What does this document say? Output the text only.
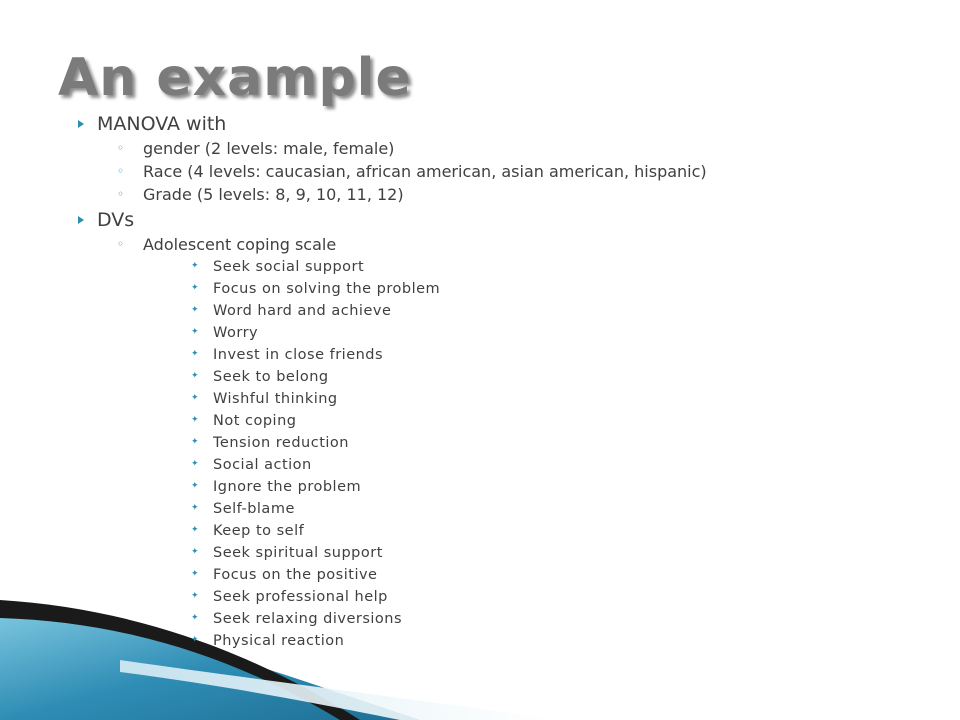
An example
MANOVA with
◦ gender (2 levels: male, female)
◦ Race (4 levels: caucasian, african american, asian american, hispanic)
◦ Grade (5 levels: 8, 9, 10, 11, 12)
DVs
◦ Adolescent coping scale
✦ Seek social support
✦ Focus on solving the problem
✦ Word hard and achieve
✦ Worry
✦ Invest in close friends
✦ Seek to belong
✦ Wishful thinking
✦ Not coping
✦ Tension reduction
✦ Social action
✦ Ignore the problem
✦ Self-blame
✦ Keep to self
✦ Seek spiritual support
✦ Focus on the positive
✦ Seek professional help
✦ Seek relaxing diversions
✦ Physical reaction
